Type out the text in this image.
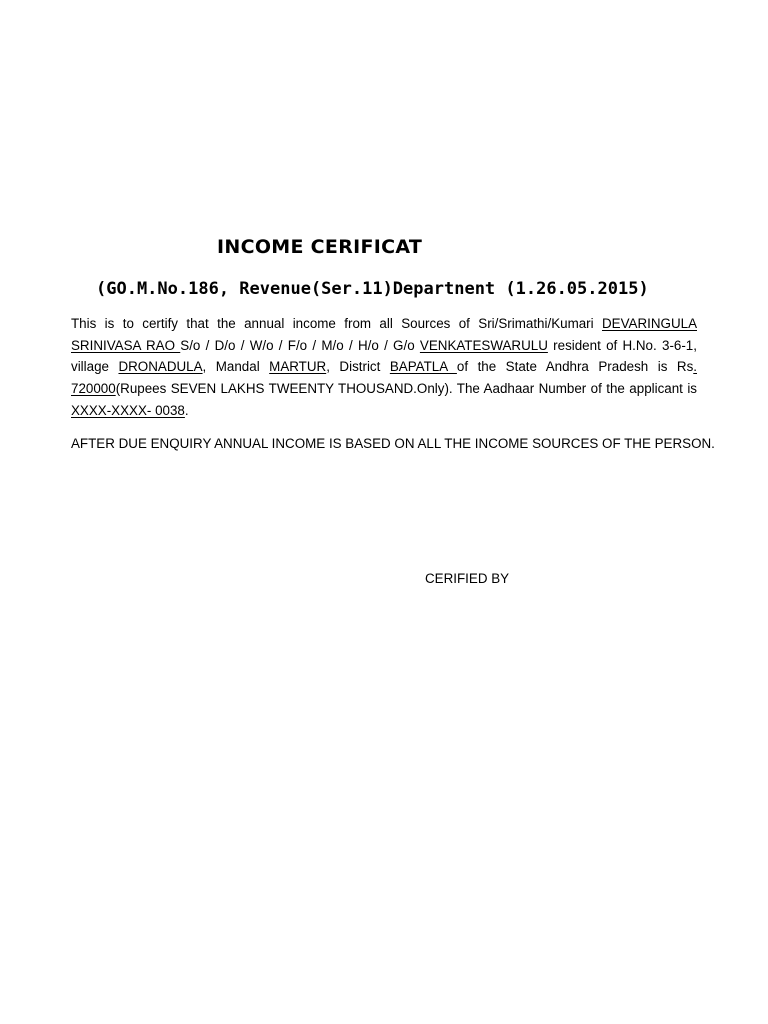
INCOME CERIFICAT
(GO.M.No.186, Revenue(Ser.11)Departnent (1.26.05.2015)
This is to certify that the annual income from all Sources of Sri/Srimathi/Kumari DEVARINGULA SRINIVASA RAO S/o / D/o / W/o / F/o / M/o / H/o / G/o VENKATESWARULU resident of H.No. 3-6-1, village DRONADULA, Mandal MARTUR, District BAPATLA of the State Andhra Pradesh is Rs. 720000(Rupees SEVEN LAKHS TWEENTY THOUSAND.Only). The Aadhaar Number of the applicant is XXXX-XXXX- 0038.
AFTER DUE ENQUIRY ANNUAL INCOME IS BASED ON ALL THE INCOME SOURCES OF THE PERSON.
CERIFIED BY
